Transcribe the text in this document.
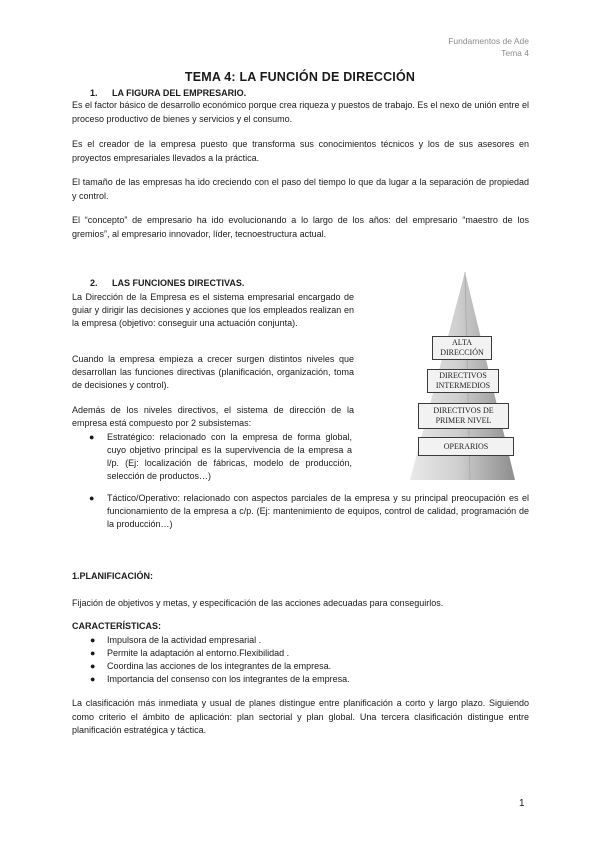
Fundamentos de Ade
Tema 4
TEMA 4: LA FUNCIÓN DE DIRECCIÓN
1. LA FIGURA DEL EMPRESARIO.
Es el factor básico de desarrollo económico porque crea riqueza y puestos de trabajo. Es el nexo de unión entre el proceso productivo de bienes y servicios y el consumo.
Es el creador de la empresa puesto que transforma sus conocimientos técnicos y los de sus asesores en proyectos empresariales llevados a la práctica.
El tamaño de las empresas ha ido creciendo con el paso del tiempo lo que da lugar a la separación de propiedad y control.
El “concepto” de empresario ha ido evolucionando a lo largo de los años: del empresario “maestro de los gremios”, al empresario innovador, líder, tecnoestructura actual.
2. LAS FUNCIONES DIRECTIVAS.
La Dirección de la Empresa es el sistema empresarial encargado de guiar y dirigir las decisiones y acciones que los empleados realizan en la empresa (objetivo: conseguir una actuación conjunta).
Cuando la empresa empieza a crecer surgen distintos niveles que desarrollan las funciones directivas (planificación, organización, toma de decisiones y control).
Además de los niveles directivos, el sistema de dirección de la empresa está compuesto por 2 subsistemas:
● Estratégico: relacionado con la empresa de forma global, cuyo objetivo principal es la supervivencia de la empresa a l/p. (Ej: localización de fábricas, modelo de producción, selección de productos…)
● Táctico/Operativo: relacionado con aspectos parciales de la empresa y su principal preocupación es el funcionamiento de la empresa a c/p. (Ej: mantenimiento de equipos, control de calidad, programación de la producción…)
ALTA
DIRECCIÓN
DIRECTIVOS
INTERMEDIOS
DIRECTIVOS DE
PRIMER NIVEL
OPERARIOS
1.PLANIFICACIÓN:
Fijación de objetivos y metas, y especificación de las acciones adecuadas para conseguirlos.
CARACTERÍSTICAS:
● Impulsora de la actividad empresarial .
● Permite la adaptación al entorno.Flexibilidad .
● Coordina las acciones de los integrantes de la empresa.
● Importancia del consenso con los integrantes de la empresa.
La clasificación más inmediata y usual de planes distingue entre planificación a corto y largo plazo. Siguiendo como criterio el ámbito de aplicación: plan sectorial y plan global. Una tercera clasificación distingue entre planificación estratégica y táctica.
1
